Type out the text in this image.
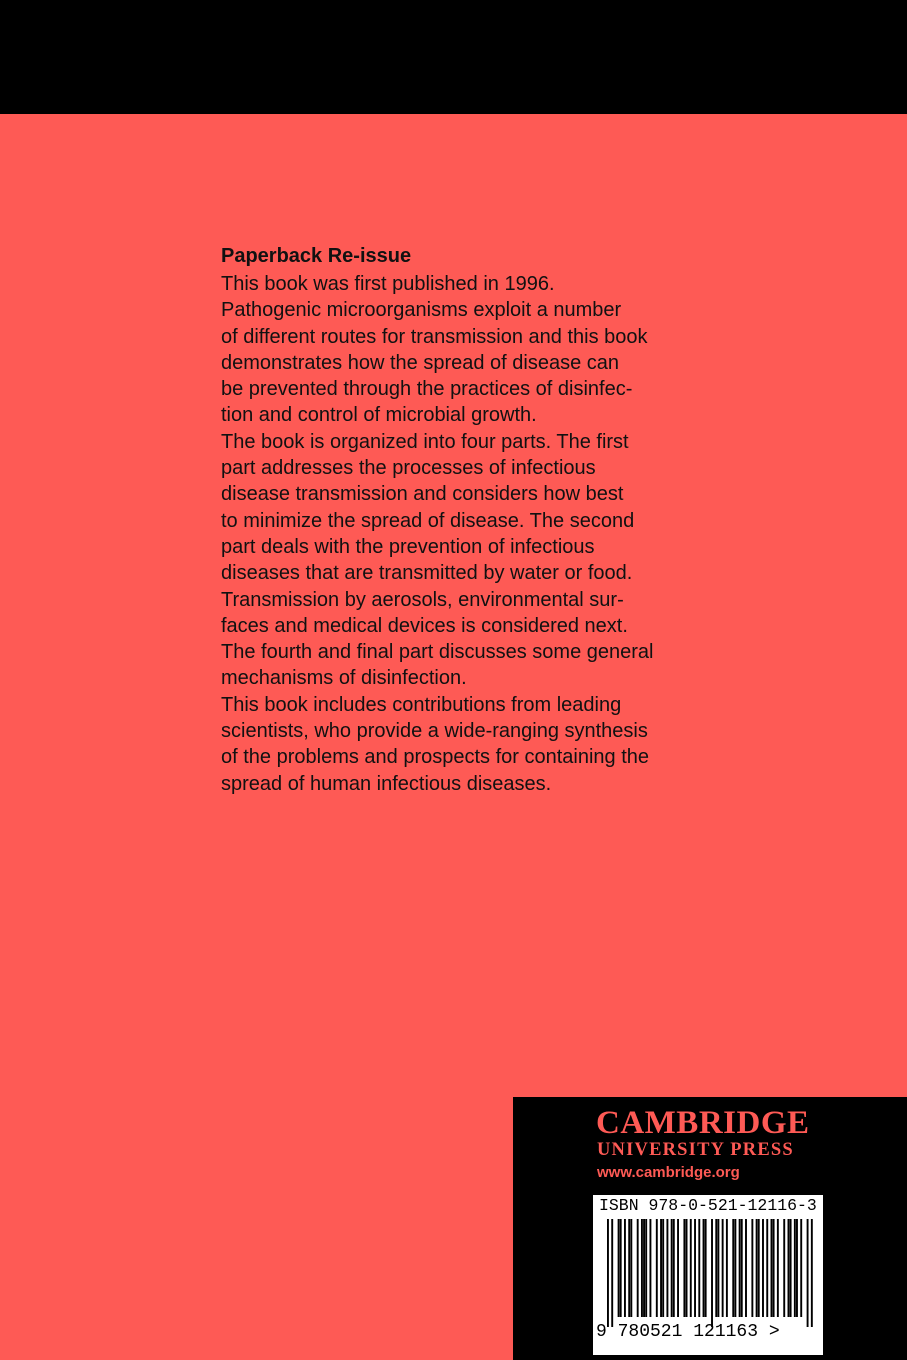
Paperback Re-issue

This book was first published in 1996.
Pathogenic microorganisms exploit a number
of different routes for transmission and this book
demonstrates how the spread of disease can
be prevented through the practices of disinfec-
tion and control of microbial growth.

The book is organized into four parts. The first
part addresses the processes of infectious
disease transmission and considers how best
to minimize the spread of disease. The second
part deals with the prevention of infectious
diseases that are transmitted by water or food.
Transmission by aerosols, environmental sur-
faces and medical devices is considered next.
The fourth and final part discusses some general
mechanisms of disinfection.

This book includes contributions from leading
scientists, who provide a wide-ranging synthesis
of the problems and prospects for containing the
spread of human infectious diseases.

CAMBRIDGE
UNIVERSITY PRESS
www.cambridge.org
ISBN 978-0-521-12116-3
9 780521 121163 >
